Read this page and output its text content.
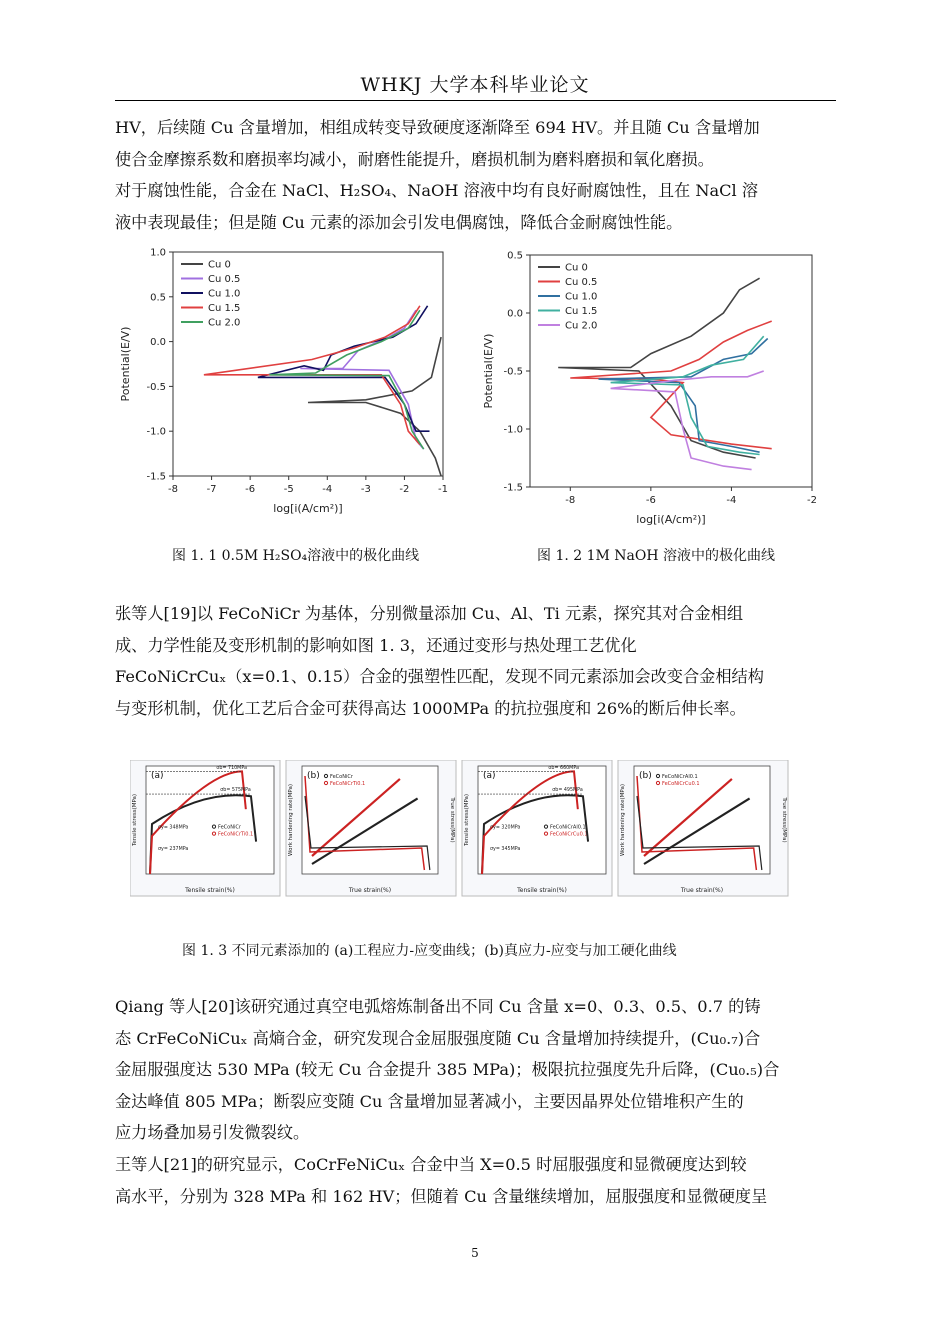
WHKJ 大学本科毕业论文
HV，后续随 Cu 含量增加，相组成转变导致硬度逐渐降至 694 HV。并且随 Cu 含量增加
使合金摩擦系数和磨损率均减小，耐磨性能提升，磨损机制为磨料磨损和氧化磨损。
对于腐蚀性能，合金在 NaCl、H₂SO₄、NaOH 溶液中均有良好耐腐蚀性，且在 NaCl 溶
液中表现最佳；但是随 Cu 元素的添加会引发电偶腐蚀，降低合金耐腐蚀性能。
-8	-7	-6	-5	-4	-3	-2	-1
1.0
0.5
0.0
-0.5
-1.0
-1.5
log[i(A/cm²)]
Potential(E/V)
Cu 0
Cu 0.5
Cu 1.0
Cu 1.5
Cu 2.0
图 1. 1 0.5M H₂SO₄溶液中的极化曲线
-8	-6	-4	-2
0.5
0.0
-0.5
-1.0
-1.5
log[i(A/cm²)]
Potential(E/V)
Cu 0
Cu 0.5
Cu 1.0
Cu 1.5
Cu 2.0
图 1. 2 1M NaOH 溶液中的极化曲线
张等人[19]以 FeCoNiCr 为基体，分别微量添加 Cu、Al、Ti 元素，探究其对合金相组
成、力学性能及变形机制的影响如图 1. 3，还通过变形与热处理工艺优化
FeCoNiCrCuₓ（x=0.1、0.15）合金的强塑性匹配，发现不同元素添加会改变合金相结构
与变形机制，优化工艺后合金可获得高达 1000MPa 的抗拉强度和 26%的断后伸长率。
(a)
Tensile strain(%)
Tensile stress(MPa)	FeCoNiCr
FeCoNiCrTi0.1
σb= 710MPa
σb= 575MPa
σy= 348MPa
σy= 237MPa
(b)
True strain(%)
Work hardening rate(MPa)	True stress(MPa)
FeCoNiCr
FeCoNiCrTi0.1
(a)
Tensile strain(%)
Tensile stress(MPa)	FeCoNiCrAl0.1
FeCoNiCrCu0.1
σb= 660MPa
σb= 495MPa
σy= 320MPa
σy= 345MPa
(b)
True strain(%)
Work hardening rate(MPa)	True stress(MPa)
FeCoNiCrAl0.1
FeCoNiCrCu0.1
图 1. 3 不同元素添加的 (a)工程应力-应变曲线；(b)真应力-应变与加工硬化曲线
Qiang 等人[20]该研究通过真空电弧熔炼制备出不同 Cu 含量 x=0、0.3、0.5、0.7 的铸
态 CrFeCoNiCuₓ 高熵合金，研究发现合金屈服强度随 Cu 含量增加持续提升，(Cu₀.₇)合
金屈服强度达 530 MPa (较无 Cu 合金提升 385 MPa)；极限抗拉强度先升后降，(Cu₀.₅)合
金达峰值 805 MPa；断裂应变随 Cu 含量增加显著减小，主要因晶界处位错堆积产生的
应力场叠加易引发微裂纹。
王等人[21]的研究显示，CoCrFeNiCuₓ 合金中当 X=0.5 时屈服强度和显微硬度达到较
高水平，分别为 328 MPa 和 162 HV；但随着 Cu 含量继续增加，屈服强度和显微硬度呈
5
